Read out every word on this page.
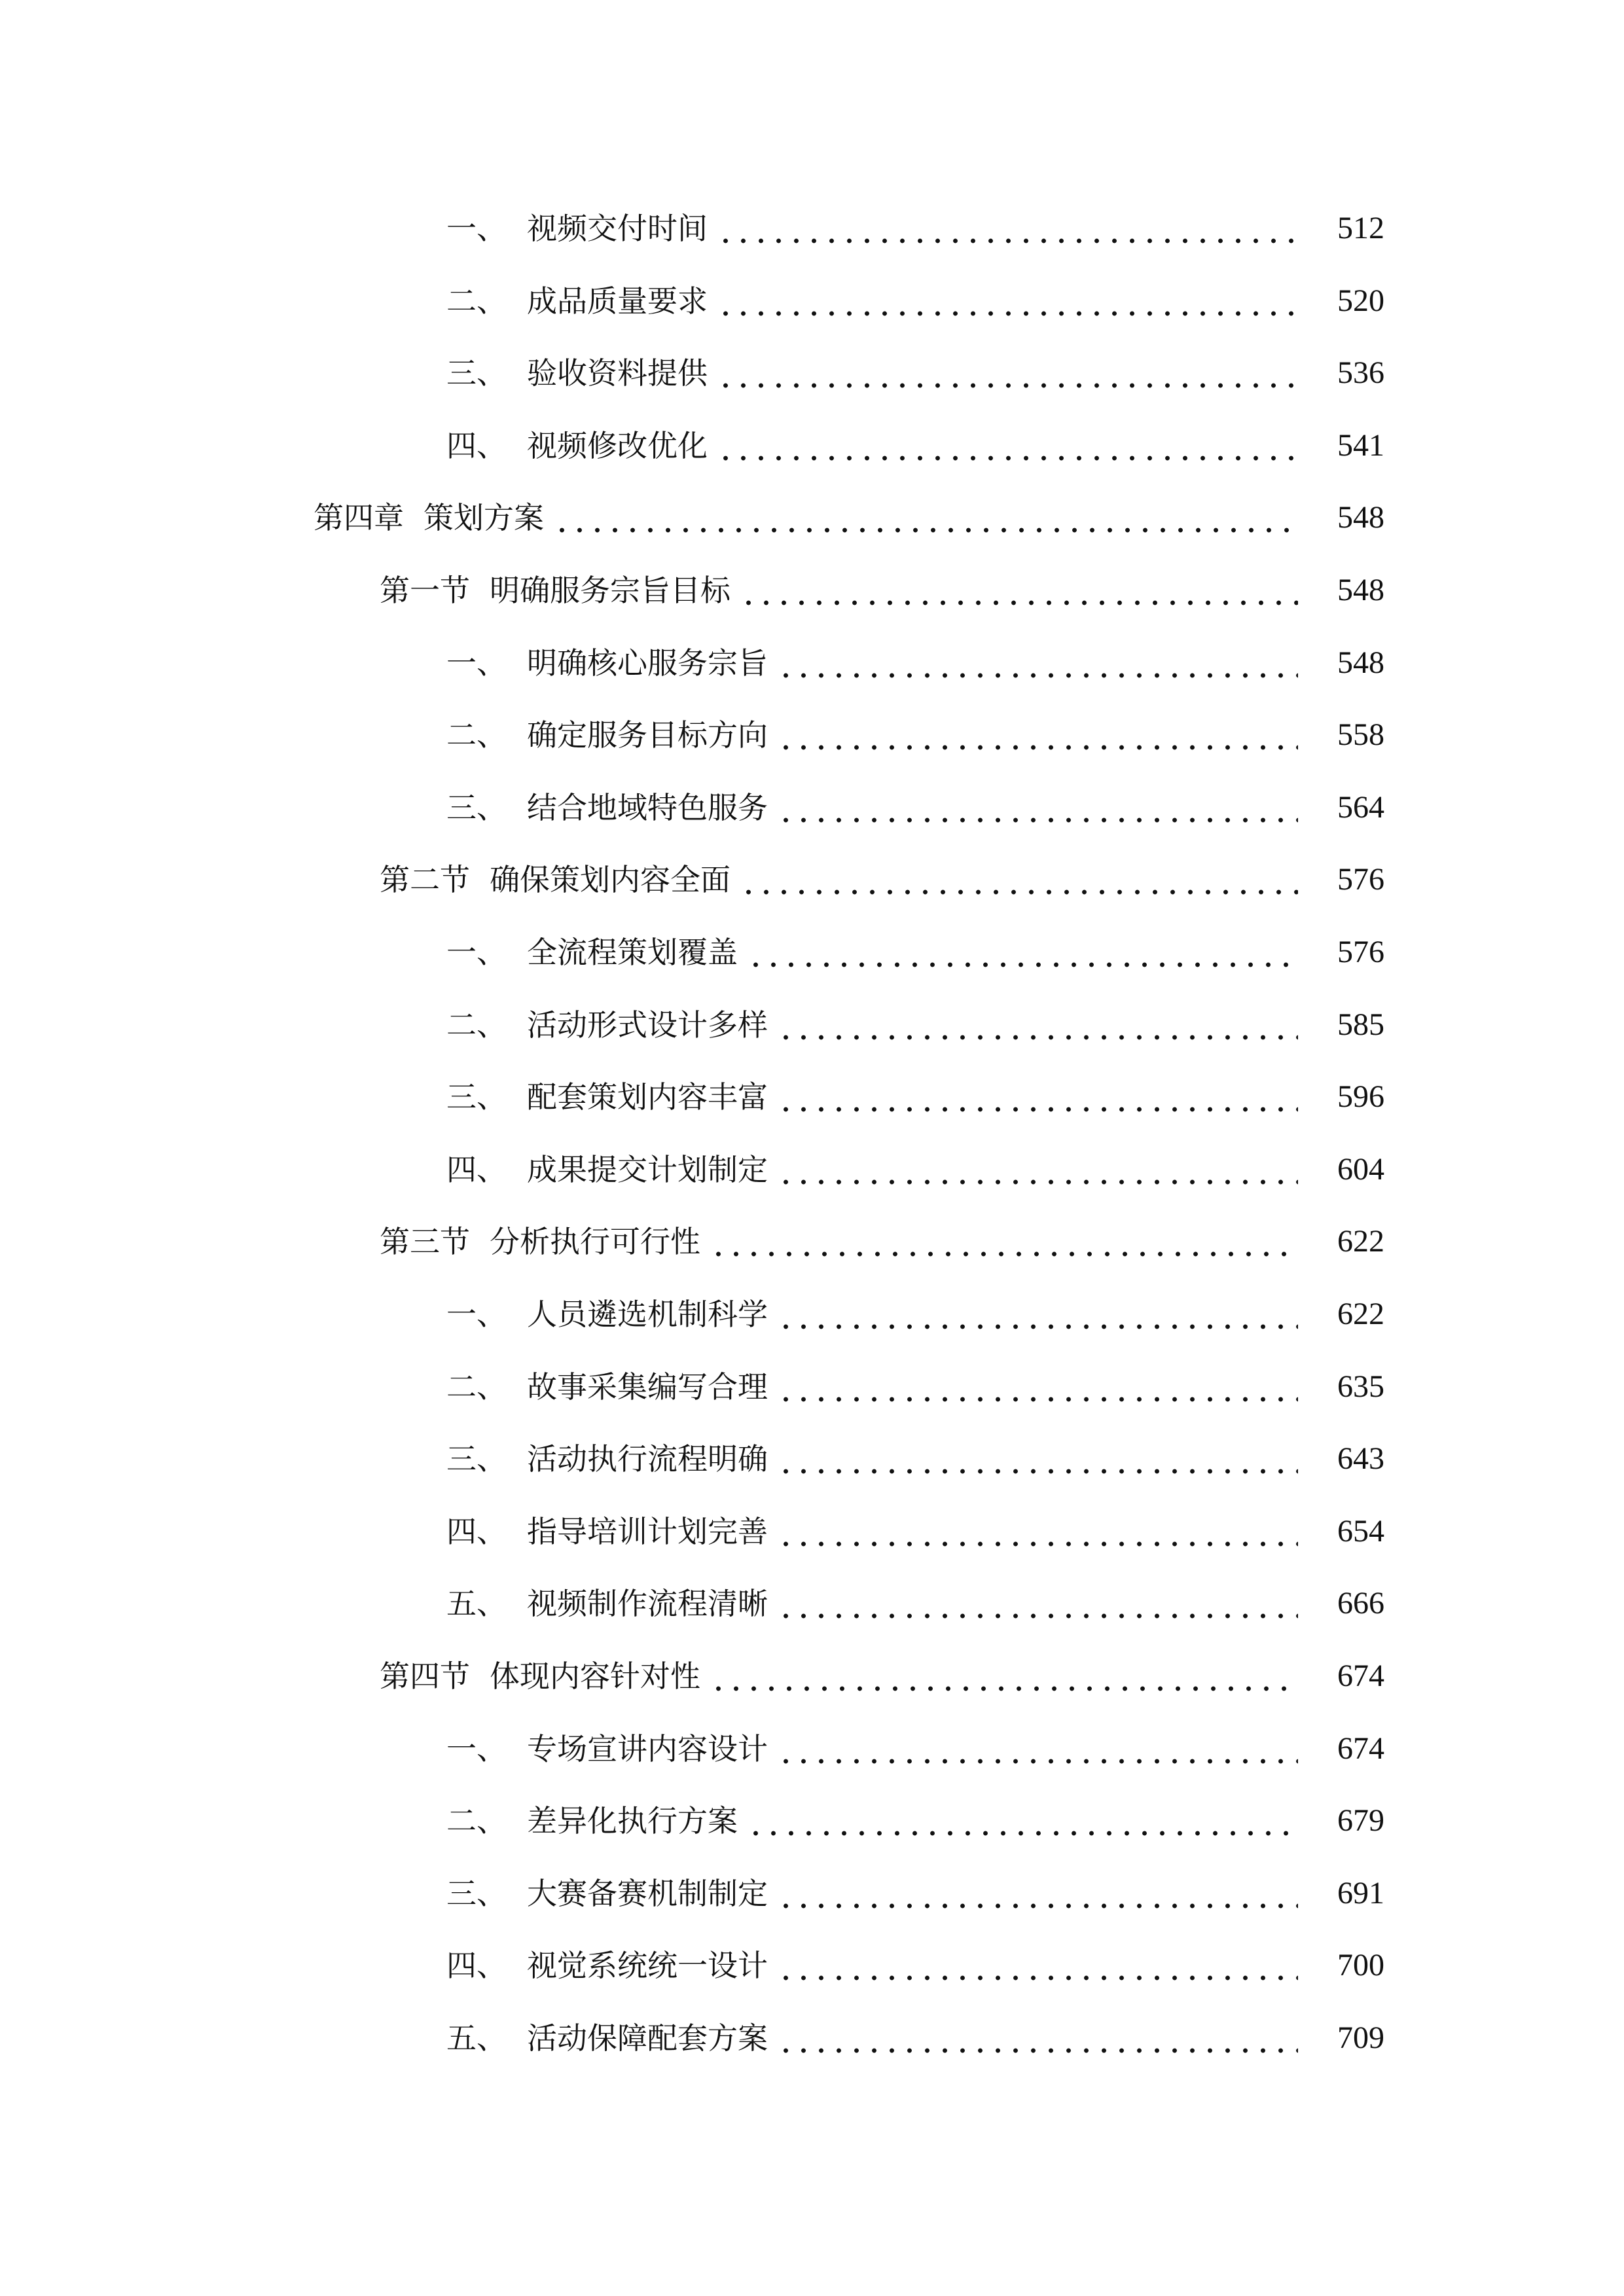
一、 视频交付时间	512
二、 成品质量要求	520
三、 验收资料提供	536
四、 视频修改优化	541
第四章 策划方案	548
第一节 明确服务宗旨目标	548
一、 明确核心服务宗旨	548
二、 确定服务目标方向	558
三、 结合地域特色服务	564
第二节 确保策划内容全面	576
一、 全流程策划覆盖	576
二、 活动形式设计多样	585
三、 配套策划内容丰富	596
四、 成果提交计划制定	604
第三节 分析执行可行性	622
一、 人员遴选机制科学	622
二、 故事采集编写合理	635
三、 活动执行流程明确	643
四、 指导培训计划完善	654
五、 视频制作流程清晰	666
第四节 体现内容针对性	674
一、 专场宣讲内容设计	674
二、 差异化执行方案	679
三、 大赛备赛机制制定	691
四、 视觉系统统一设计	700
五、 活动保障配套方案	709
